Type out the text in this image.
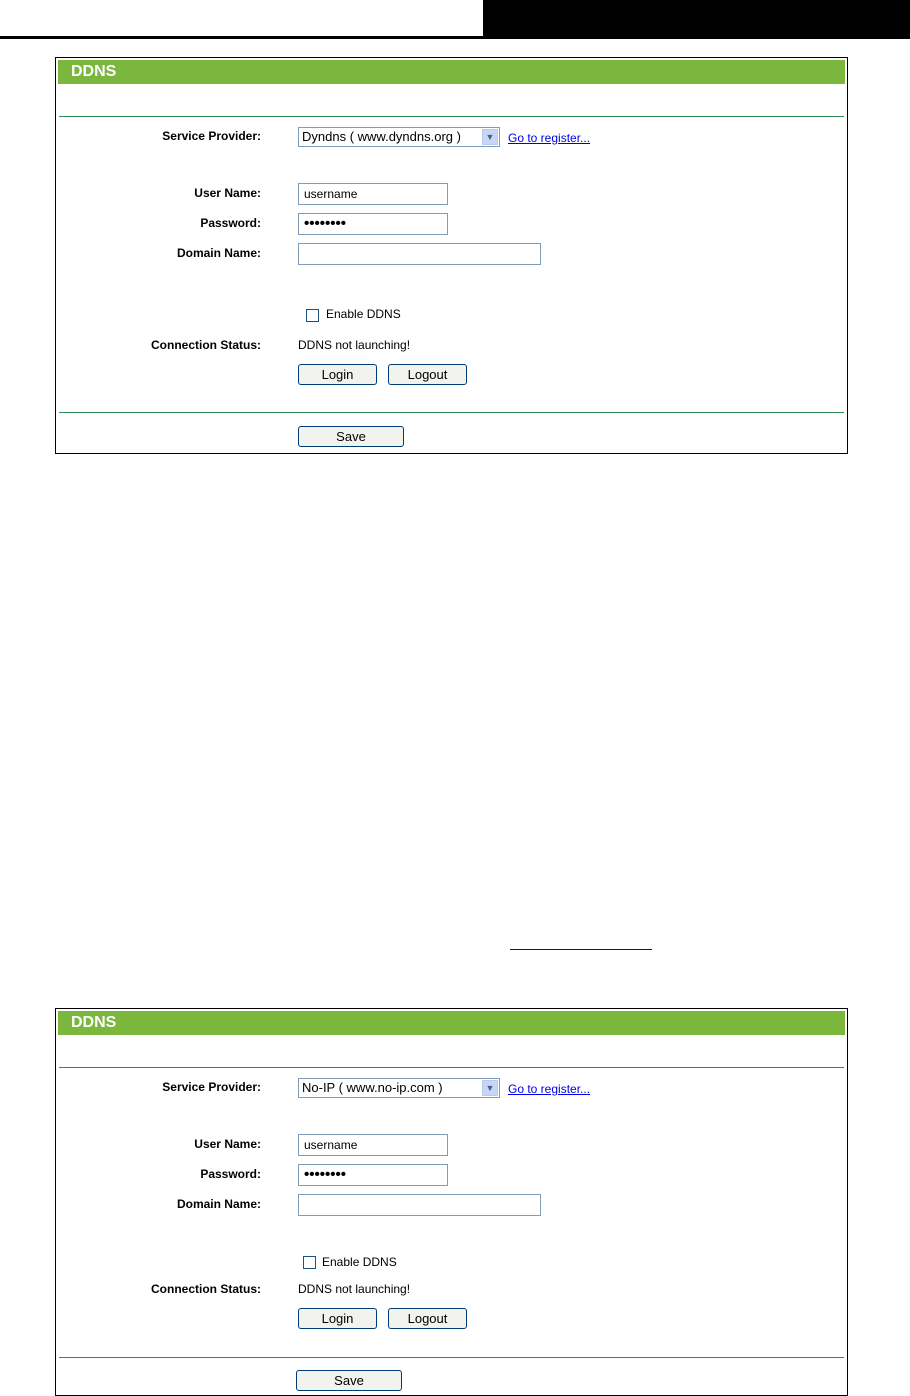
DDNS
Service Provider:	Dyndns ( www.dyndns.org )	▼ Go to register...
User Name:	username
Password:	••••••••
Domain Name:
Enable DDNS
Connection Status:	DDNS not launching!
Login	Logout
Save
DDNS
Service Provider:	No-IP ( www.no-ip.com )	▼ Go to register...
User Name:	username
Password:	••••••••
Domain Name:
Enable DDNS
Connection Status:	DDNS not launching!
Login	Logout
Save
